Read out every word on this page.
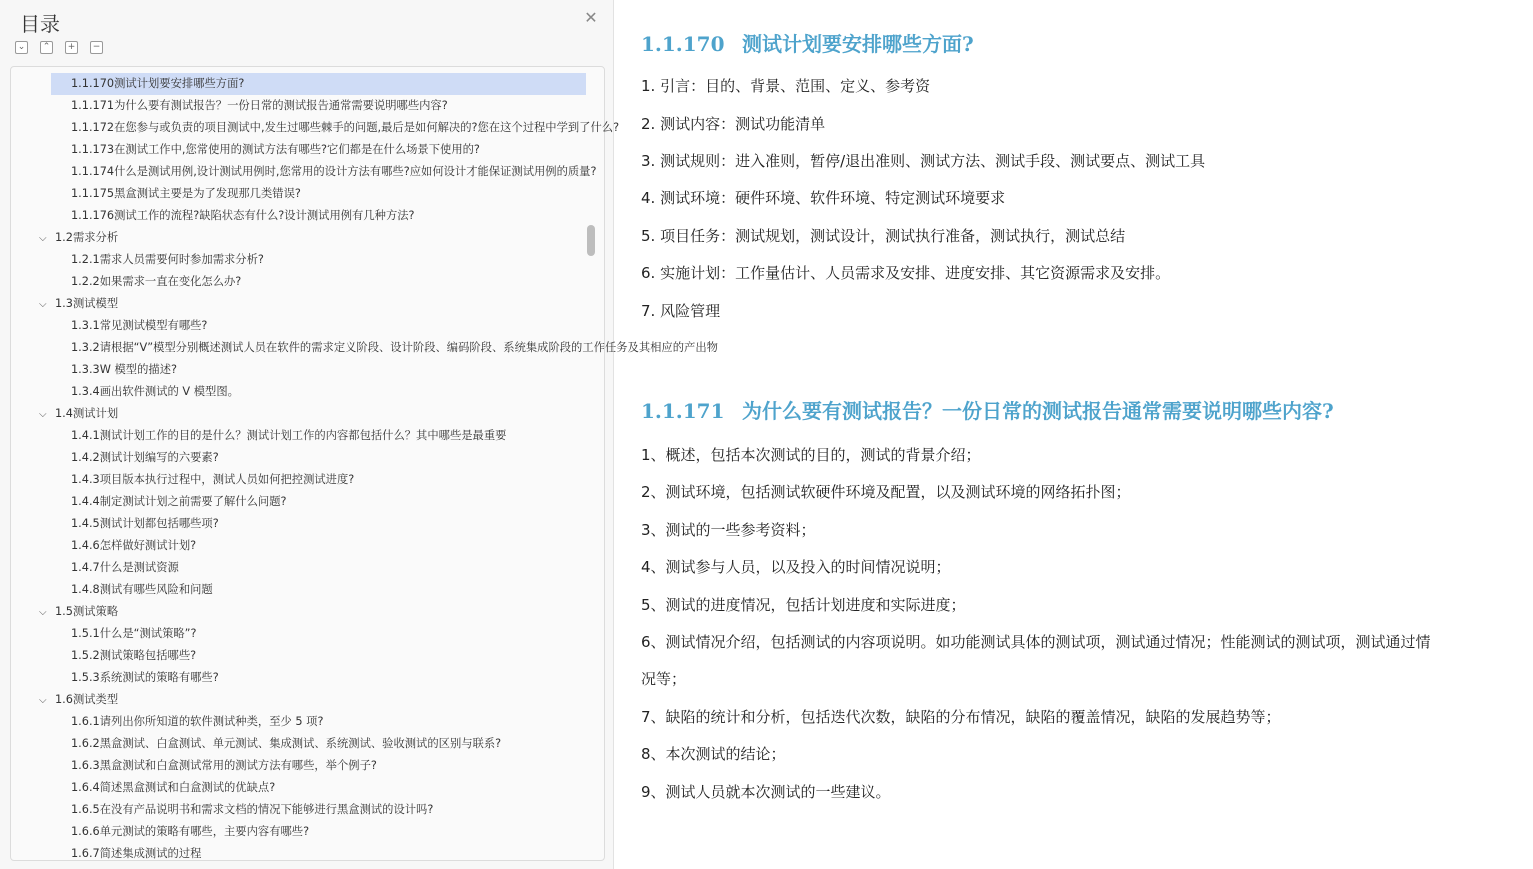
目录	✕
⌄	⌃	+	−
1.1.170测试计划要安排哪些方面?
1.1.171为什么要有测试报告？一份日常的测试报告通常需要说明哪些内容?
1.1.172在您参与或负责的项目测试中,发生过哪些棘手的问题,最后是如何解决的?您在这个过程中学到了什么?
1.1.173在测试工作中,您常使用的测试方法有哪些?它们都是在什么场景下使用的?
1.1.174什么是测试用例,设计测试用例时,您常用的设计方法有哪些?应如何设计才能保证测试用例的质量?
1.1.175黑盒测试主要是为了发现那几类错误?
1.1.176测试工作的流程?缺陷状态有什么?设计测试用例有几种方法?
⌵ 1.2需求分析
1.2.1需求人员需要何时参加需求分析?
1.2.2如果需求一直在变化怎么办?
⌵ 1.3测试模型
1.3.1常见测试模型有哪些?
1.3.2请根据“V”模型分别概述测试人员在软件的需求定义阶段、设计阶段、编码阶段、系统集成阶段的工作任务及其相应的产出物
1.3.3W 模型的描述?
1.3.4画出软件测试的 V 模型图。
⌵ 1.4测试计划
1.4.1测试计划工作的目的是什么？测试计划工作的内容都包括什么？其中哪些是最重要
1.4.2测试计划编写的六要素?
1.4.3项目版本执行过程中，测试人员如何把控测试进度?
1.4.4制定测试计划之前需要了解什么问题?
1.4.5测试计划都包括哪些项?
1.4.6怎样做好测试计划?
1.4.7什么是测试资源
1.4.8测试有哪些风险和问题
⌵ 1.5测试策略
1.5.1什么是“测试策略”?
1.5.2测试策略包括哪些?
1.5.3系统测试的策略有哪些?
⌵ 1.6测试类型
1.6.1请列出你所知道的软件测试种类，至少 5 项?
1.6.2黑盒测试、白盒测试、单元测试、集成测试、系统测试、验收测试的区别与联系?
1.6.3黑盒测试和白盒测试常用的测试方法有哪些，举个例子?
1.6.4简述黑盒测试和白盒测试的优缺点?
1.6.5在没有产品说明书和需求文档的情况下能够进行黑盒测试的设计吗?
1.6.6单元测试的策略有哪些，主要内容有哪些?
1.6.7简述集成测试的过程
1.1.170 测试计划要安排哪些方面?
1. 引言：目的、背景、范围、定义、参考资
2. 测试内容：测试功能清单
3. 测试规则：进入准则，暂停/退出准则、测试方法、测试手段、测试要点、测试工具
4. 测试环境：硬件环境、软件环境、特定测试环境要求
5. 项目任务：测试规划，测试设计，测试执行准备，测试执行，测试总结
6. 实施计划：工作量估计、人员需求及安排、进度安排、其它资源需求及安排。
7. 风险管理
1.1.171 为什么要有测试报告？一份日常的测试报告通常需要说明哪些内容?
1、概述，包括本次测试的目的，测试的背景介绍；
2、测试环境，包括测试软硬件环境及配置，以及测试环境的网络拓扑图；
3、测试的一些参考资料；
4、测试参与人员，以及投入的时间情况说明；
5、测试的进度情况，包括计划进度和实际进度；
6、测试情况介绍，包括测试的内容项说明。如功能测试具体的测试项，测试通过情况；性能测试的测试项，测试通过情
况等；
7、缺陷的统计和分析，包括迭代次数，缺陷的分布情况，缺陷的覆盖情况，缺陷的发展趋势等；
8、本次测试的结论；
9、测试人员就本次测试的一些建议。
